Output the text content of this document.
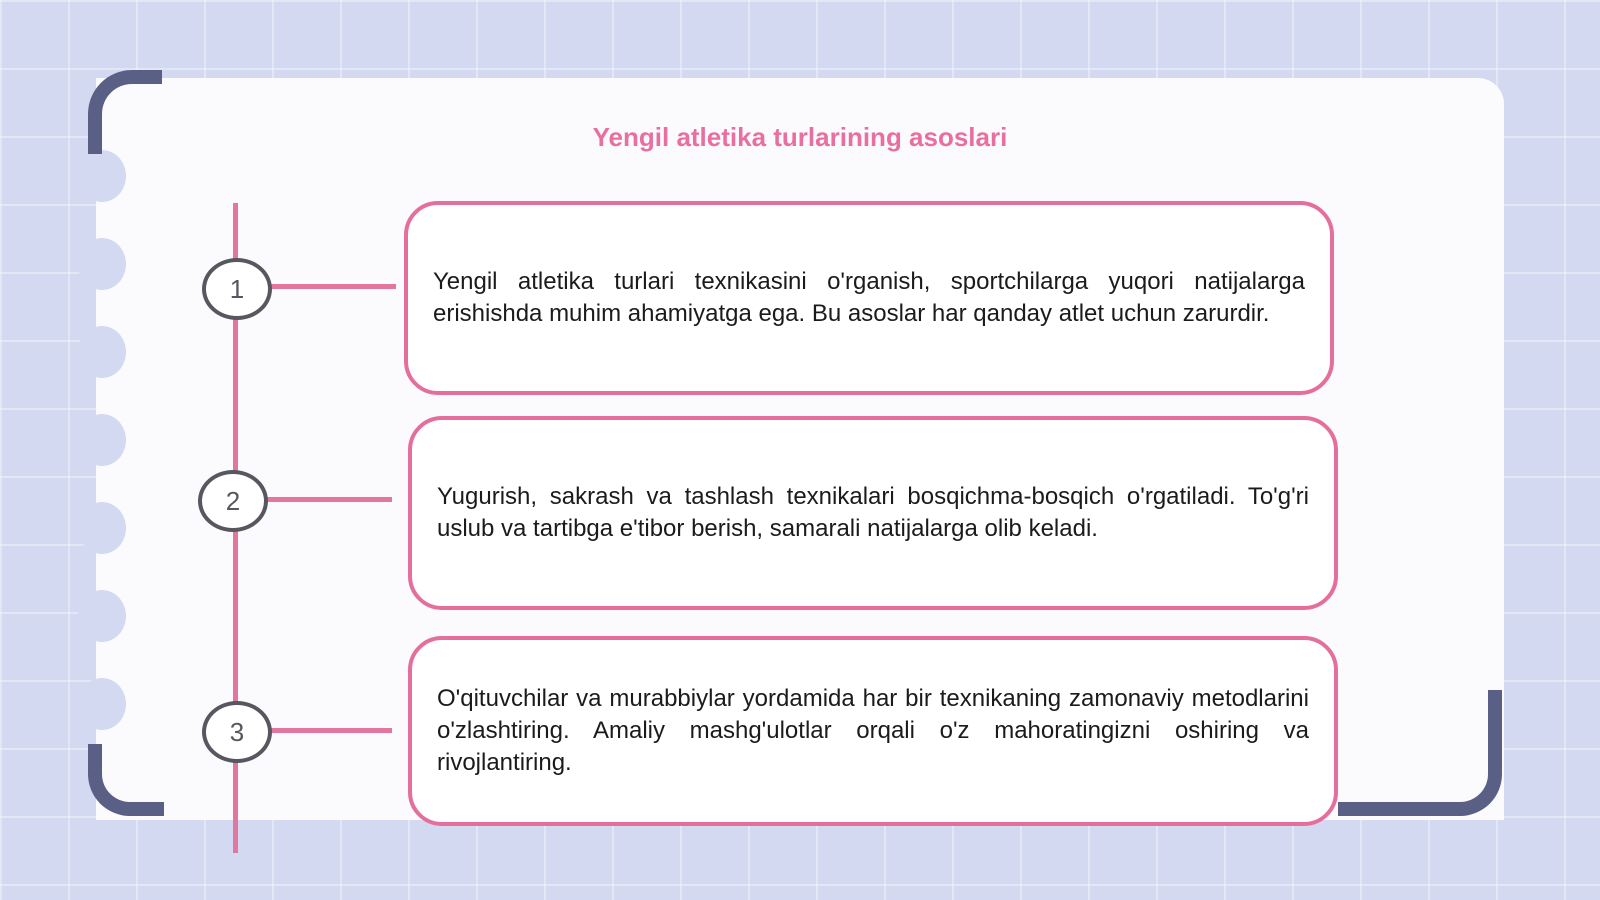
Yengil atletika turlarining asoslari
1
2
3
Yengil atletika turlari texnikasini o'rganish, sportchilarga yuqori natijalarga erishishda muhim ahamiyatga ega. Bu asoslar har qanday atlet uchun zarurdir.
Yugurish, sakrash va tashlash texnikalari bosqichma-bosqich o'rgatiladi. To'g'ri uslub va tartibga e'tibor berish, samarali natijalarga olib keladi.
O'qituvchilar va murabbiylar yordamida har bir texnikaning zamonaviy metodlarini o'zlashtiring. Amaliy mashg'ulotlar orqali o'z mahoratingizni oshiring va rivojlantiring.
